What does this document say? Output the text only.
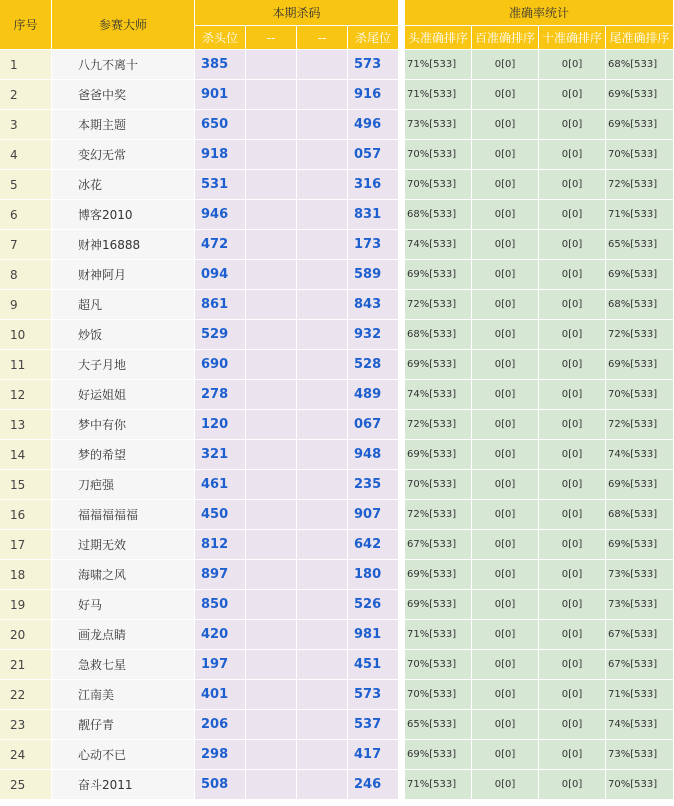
序号	参赛大师	本期杀码					准确率统计			
		杀头位	--	--	杀尾位		头准确排序	百准确排序	十准确排序	尾准确排序
1	八九不离十	385			573		71%[533]	0[0]	0[0]	68%[533]
2	爸爸中奖	901			916		71%[533]	0[0]	0[0]	69%[533]
3	本期主题	650			496		73%[533]	0[0]	0[0]	69%[533]
4	变幻无常	918			057		70%[533]	0[0]	0[0]	70%[533]
5	冰花	531			316		70%[533]	0[0]	0[0]	72%[533]
6	博客2010	946			831		68%[533]	0[0]	0[0]	71%[533]
7	财神16888	472			173		74%[533]	0[0]	0[0]	65%[533]
8	财神阿月	094			589		69%[533]	0[0]	0[0]	69%[533]
9	超凡	861			843		72%[533]	0[0]	0[0]	68%[533]
10	炒饭	529			932		68%[533]	0[0]	0[0]	72%[533]
11	大子月地	690			528		69%[533]	0[0]	0[0]	69%[533]
12	好运姐姐	278			489		74%[533]	0[0]	0[0]	70%[533]
13	梦中有你	120			067		72%[533]	0[0]	0[0]	72%[533]
14	梦的希望	321			948		69%[533]	0[0]	0[0]	74%[533]
15	刀疤强	461			235		70%[533]	0[0]	0[0]	69%[533]
16	福福福福福	450			907		72%[533]	0[0]	0[0]	68%[533]
17	过期无效	812			642		67%[533]	0[0]	0[0]	69%[533]
18	海啸之风	897			180		69%[533]	0[0]	0[0]	73%[533]
19	好马	850			526		69%[533]	0[0]	0[0]	73%[533]
20	画龙点睛	420			981		71%[533]	0[0]	0[0]	67%[533]
21	急救七星	197			451		70%[533]	0[0]	0[0]	67%[533]
22	江南美	401			573		70%[533]	0[0]	0[0]	71%[533]
23	靓仔青	206			537		65%[533]	0[0]	0[0]	74%[533]
24	心动不已	298			417		69%[533]	0[0]	0[0]	73%[533]
25	奋斗2011	508			246		71%[533]	0[0]	0[0]	70%[533]
